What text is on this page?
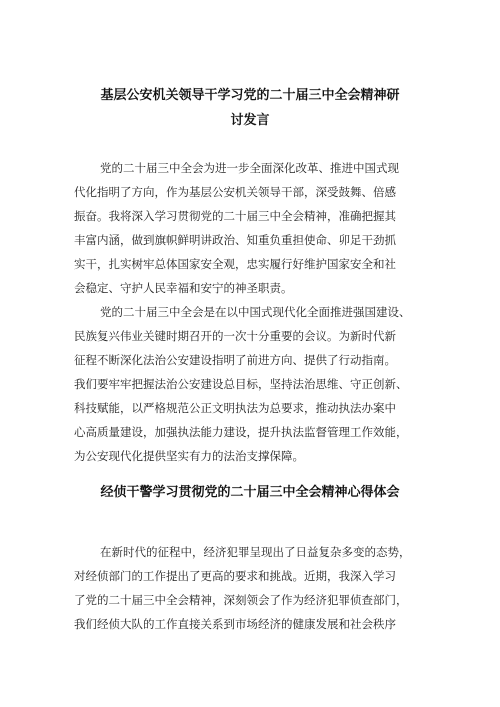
基层公安机关领导干学习党的二十届三中全会精神研
讨发言

党的二十届三中全会为进一步全面深化改革、推进中国式现

代化指明了方向，作为基层公安机关领导干部，深受鼓舞、倍感

振奋。我将深入学习贯彻党的二十届三中全会精神，准确把握其

丰富内涵，做到旗帜鲜明讲政治、知重负重担使命、卯足干劲抓

实干，扎实树牢总体国家安全观，忠实履行好维护国家安全和社

会稳定、守护人民幸福和安宁的神圣职责。

党的二十届三中全会是在以中国式现代化全面推进强国建设、

民族复兴伟业关键时期召开的一次十分重要的会议。为新时代新

征程不断深化法治公安建设指明了前进方向、提供了行动指南。

我们要牢牢把握法治公安建设总目标，坚持法治思维、守正创新、

科技赋能，以严格规范公正文明执法为总要求，推动执法办案中

心高质量建设，加强执法能力建设，提升执法监督管理工作效能，

为公安现代化提供坚实有力的法治支撑保障。

经侦干警学习贯彻党的二十届三中全会精神心得体会

在新时代的征程中，经济犯罪呈现出了日益复杂多变的态势，

对经侦部门的工作提出了更高的要求和挑战。近期，我深入学习

了党的二十届三中全会精神，深刻领会了作为经济犯罪侦查部门，

我们经侦大队的工作直接关系到市场经济的健康发展和社会秩序
